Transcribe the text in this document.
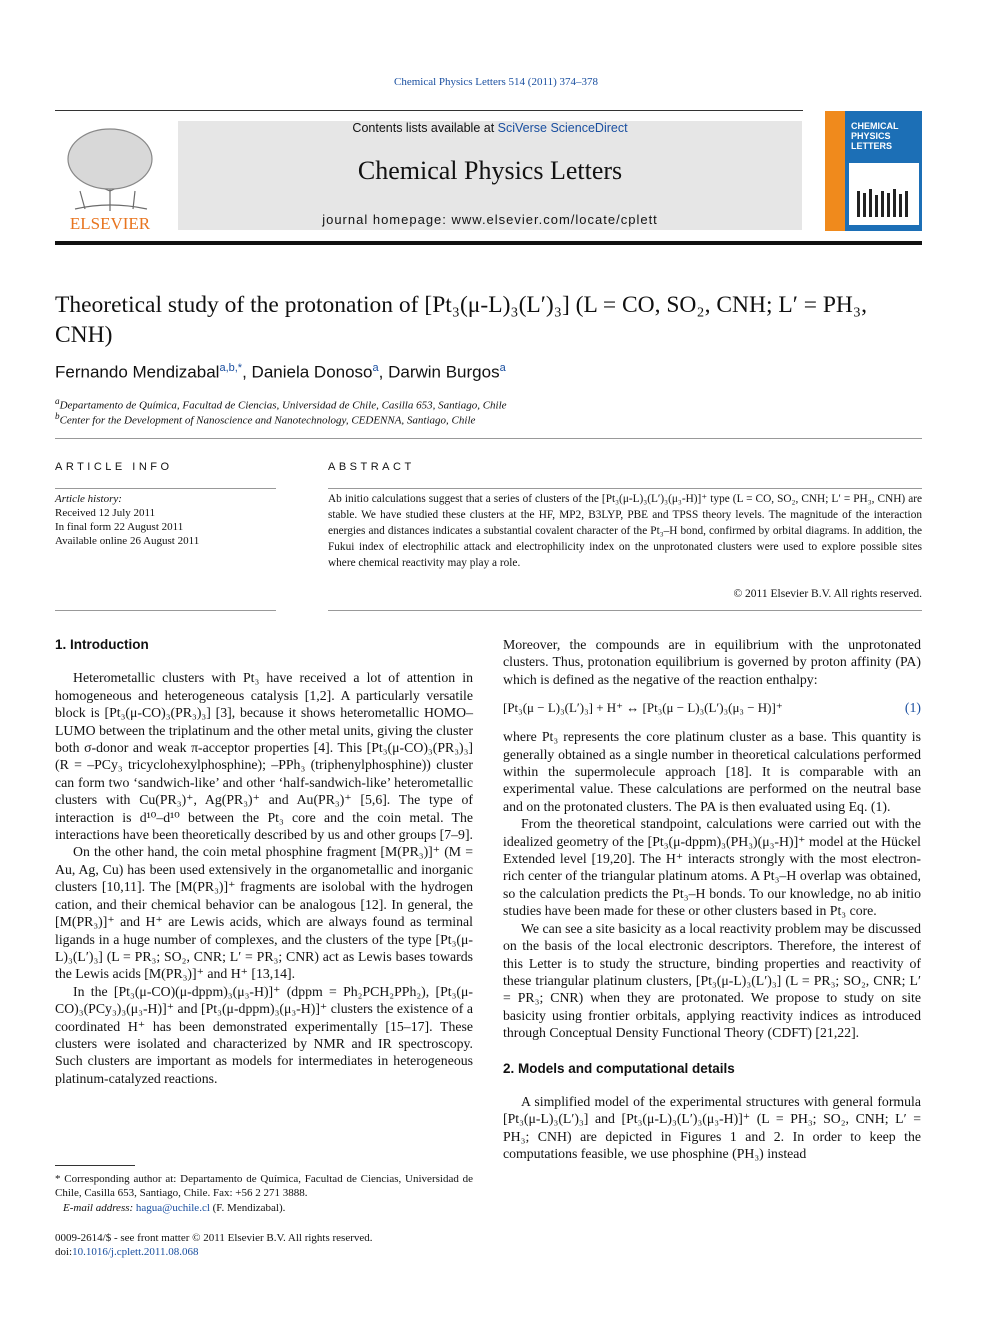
Chemical Physics Letters 514 (2011) 374–378
ELSEVIER
Contents lists available at SciVerse ScienceDirect
Chemical Physics Letters
journal homepage: www.elsevier.com/locate/cplett
CHEMICAL
PHYSICS
LETTERS
Theoretical study of the protonation of [Pt₃(μ-L)₃(L′)₃] (L = CO, SO₂, CNH; L′ = PH₃, CNH)
Fernando Mendizabal$^{a,b,*}$, Daniela Donoso$^a$, Darwin Burgos$^a$
$^a$Departamento de Química, Facultad de Ciencias, Universidad de Chile, Casilla 653, Santiago, Chile
$^b$Center for the Development of Nanoscience and Nanotechnology, CEDENNA, Santiago, Chile
ARTICLE INFO
Article history:
Received 12 July 2011
In final form 22 August 2011
Available online 26 August 2011
ABSTRACT
Ab initio calculations suggest that a series of clusters of the [Pt₃(μ-L)₃(L′)₃(μ₃-H)]⁺ type (L = CO, SO₂, CNH; L′ = PH₃, CNH) are stable. We have studied these clusters at the HF, MP2, B3LYP, PBE and TPSS theory levels. The magnitude of the interaction energies and distances indicates a substantial covalent character of the Pt₃–H bond, confirmed by orbital diagrams. In addition, the Fukui index of electrophilic attack and electrophilicity index on the unprotonated clusters were used to explore possible sites where chemical reactivity may play a role.
© 2011 Elsevier B.V. All rights reserved.
1. Introduction

Heterometallic clusters with Pt₃ have received a lot of attention in homogeneous and heterogeneous catalysis [1,2]. A particularly versatile block is [Pt₃(μ-CO)₃(PR₃)₃] [3], because it shows heterometallic HOMO–LUMO between the triplatinum and the other metal units, giving the cluster both σ-donor and weak π-acceptor properties [4]. This [Pt₃(μ-CO)₃(PR₃)₃] (R = –PCy₃ tricyclohexylphosphine); –PPh₃ (triphenylphosphine)) cluster can form two ‘sandwich-like’ and other ‘half-sandwich-like’ heterometallic clusters with Cu(PR₃)⁺, Ag(PR₃)⁺ and Au(PR₃)⁺ [5,6]. The type of interaction is d¹⁰–d¹⁰ between the Pt₃ core and the coin metal. The interactions have been theoretically described by us and other groups [7–9].

On the other hand, the coin metal phosphine fragment [M(PR₃)]⁺ (M = Au, Ag, Cu) has been used extensively in the organometallic and inorganic clusters [10,11]. The [M(PR₃)]⁺ fragments are isolobal with the hydrogen cation, and their chemical behavior can be analogous [12]. In general, the [M(PR₃)]⁺ and H⁺ are Lewis acids, which are always found as terminal ligands in a huge number of complexes, and the clusters of the type [Pt₃(μ-L)₃(L′)₃] (L = PR₃; SO₂, CNR; L′ = PR₃; CNR) act as Lewis bases towards the Lewis acids [M(PR₃)]⁺ and H⁺ [13,14].

In the [Pt₃(μ-CO)(μ-dppm)₃(μ₃-H)]⁺ (dppm = Ph₂PCH₂PPh₂), [Pt₃(μ-CO)₃(PCy₃)₃(μ₃-H)]⁺ and [Pt₃(μ-dppm)₃(μ₃-H)]⁺ clusters the existence of a coordinated H⁺ has been demonstrated experimentally [15–17]. These clusters were isolated and characterized by NMR and IR spectroscopy. Such clusters are important as models for intermediates in heterogeneous platinum-catalyzed reactions.

Moreover, the compounds are in equilibrium with the unprotonated clusters. Thus, protonation equilibrium is governed by proton affinity (PA) which is defined as the negative of the reaction enthalpy:

[Pt₃(μ − L)₃(L′)₃] + H⁺ ↔ [Pt₃(μ − L)₃(L′)₃(μ₃ − H)]⁺	(1)

where Pt₃ represents the core platinum cluster as a base. This quantity is generally obtained as a single number in theoretical calculations performed within the supermolecule approach [18]. It is comparable with an experimental value. These calculations are performed on the neutral base and on the protonated clusters. The PA is then evaluated using Eq. (1).

From the theoretical standpoint, calculations were carried out with the idealized geometry of the [Pt₃(μ-dppm)₃(PH₃)(μ₃-H)]⁺ model at the Hückel Extended level [19,20]. The H⁺ interacts strongly with the most electron-rich center of the triangular platinum atoms. A Pt₃–H overlap was obtained, so the calculation predicts the Pt₃–H bonds. To our knowledge, no ab initio studies have been made for these or other clusters based in Pt₃ core.

We can see a site basicity as a local reactivity problem may be discussed on the basis of the local electronic descriptors. Therefore, the interest of this Letter is to study the structure, binding properties and reactivity of these triangular platinum clusters, [Pt₃(μ-L)₃(L′)₃] (L = PR₃; SO₂, CNR; L′ = PR₃; CNR) when they are protonated. We propose to study on site basicity using frontier orbitals, applying reactivity indices as introduced through Conceptual Density Functional Theory (CDFT) [21,22].

2. Models and computational details

A simplified model of the experimental structures with general formula [Pt₃(μ-L)₃(L′)₃] and [Pt₃(μ-L)₃(L′)₃(μ₃-H)]⁺ (L = PH₃; SO₂, CNH; L′ = PH₃; CNH) are depicted in Figures 1 and 2. In order to keep the computations feasible, we use phosphine (PH₃) instead

* Corresponding author at: Departamento de Química, Facultad de Ciencias, Universidad de Chile, Casilla 653, Santiago, Chile. Fax: +56 2 271 3888.
E-mail address: hagua@uchile.cl (F. Mendizabal).
0009-2614/$ - see front matter © 2011 Elsevier B.V. All rights reserved.
doi:10.1016/j.cplett.2011.08.068
